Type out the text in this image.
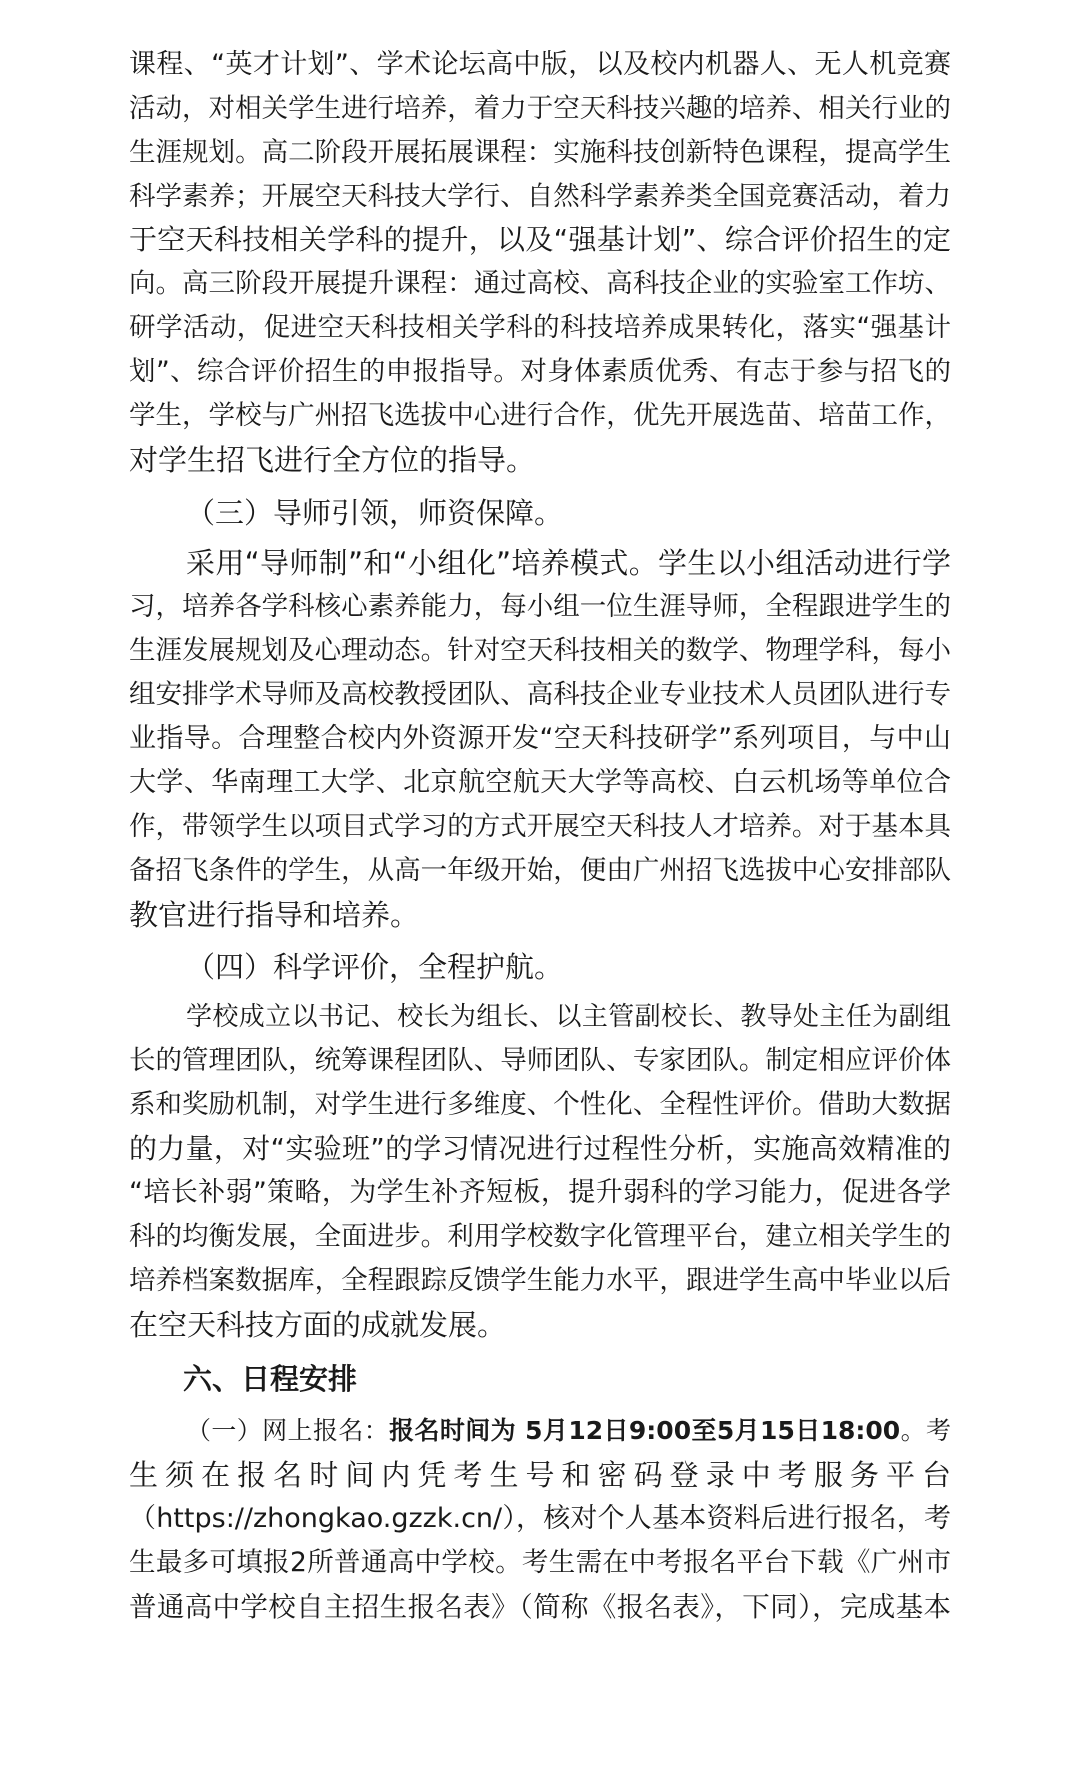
课程、“英才计划”、学术论坛高中版，以及校内机器人、无人机竞赛
活动，对相关学生进行培养，着力于空天科技兴趣的培养、相关行业的
生涯规划。高二阶段开展拓展课程：实施科技创新特色课程，提高学生
科学素养；开展空天科技大学行、自然科学素养类全国竞赛活动，着力
于空天科技相关学科的提升，以及“强基计划”、综合评价招生的定
向。高三阶段开展提升课程：通过高校、高科技企业的实验室工作坊、
研学活动，促进空天科技相关学科的科技培养成果转化，落实“强基计
划”、综合评价招生的申报指导。对身体素质优秀、有志于参与招飞的
学生，学校与广州招飞选拔中心进行合作，优先开展选苗、培苗工作，
对学生招飞进行全方位的指导。
（三）导师引领，师资保障。
采用“导师制”和“小组化”培养模式。学生以小组活动进行学
习，培养各学科核心素养能力，每小组一位生涯导师，全程跟进学生的
生涯发展规划及心理动态。针对空天科技相关的数学、物理学科，每小
组安排学术导师及高校教授团队、高科技企业专业技术人员团队进行专
业指导。合理整合校内外资源开发“空天科技研学”系列项目，与中山
大学、华南理工大学、北京航空航天大学等高校、白云机场等单位合
作，带领学生以项目式学习的方式开展空天科技人才培养。对于基本具
备招飞条件的学生，从高一年级开始，便由广州招飞选拔中心安排部队
教官进行指导和培养。
（四）科学评价，全程护航。
学校成立以书记、校长为组长、以主管副校长、教导处主任为副组
长的管理团队，统筹课程团队、导师团队、专家团队。制定相应评价体
系和奖励机制，对学生进行多维度、个性化、全程性评价。借助大数据
的力量，对“实验班”的学习情况进行过程性分析，实施高效精准的
“培长补弱”策略，为学生补齐短板，提升弱科的学习能力，促进各学
科的均衡发展，全面进步。利用学校数字化管理平台，建立相关学生的
培养档案数据库，全程跟踪反馈学生能力水平，跟进学生高中毕业以后
在空天科技方面的成就发展。
六、日程安排
（一）网上报名：报名时间为 5月12日9:00至5月15日18:00。考
生须在报名时间内凭考生号和密码登录中考服务平台
（https://zhongkao.gzzk.cn/），核对个人基本资料后进行报名，考
生最多可填报2所普通高中学校。考生需在中考报名平台下载《广州市
普通高中学校自主招生报名表》（简称《报名表》，下同），完成基本
